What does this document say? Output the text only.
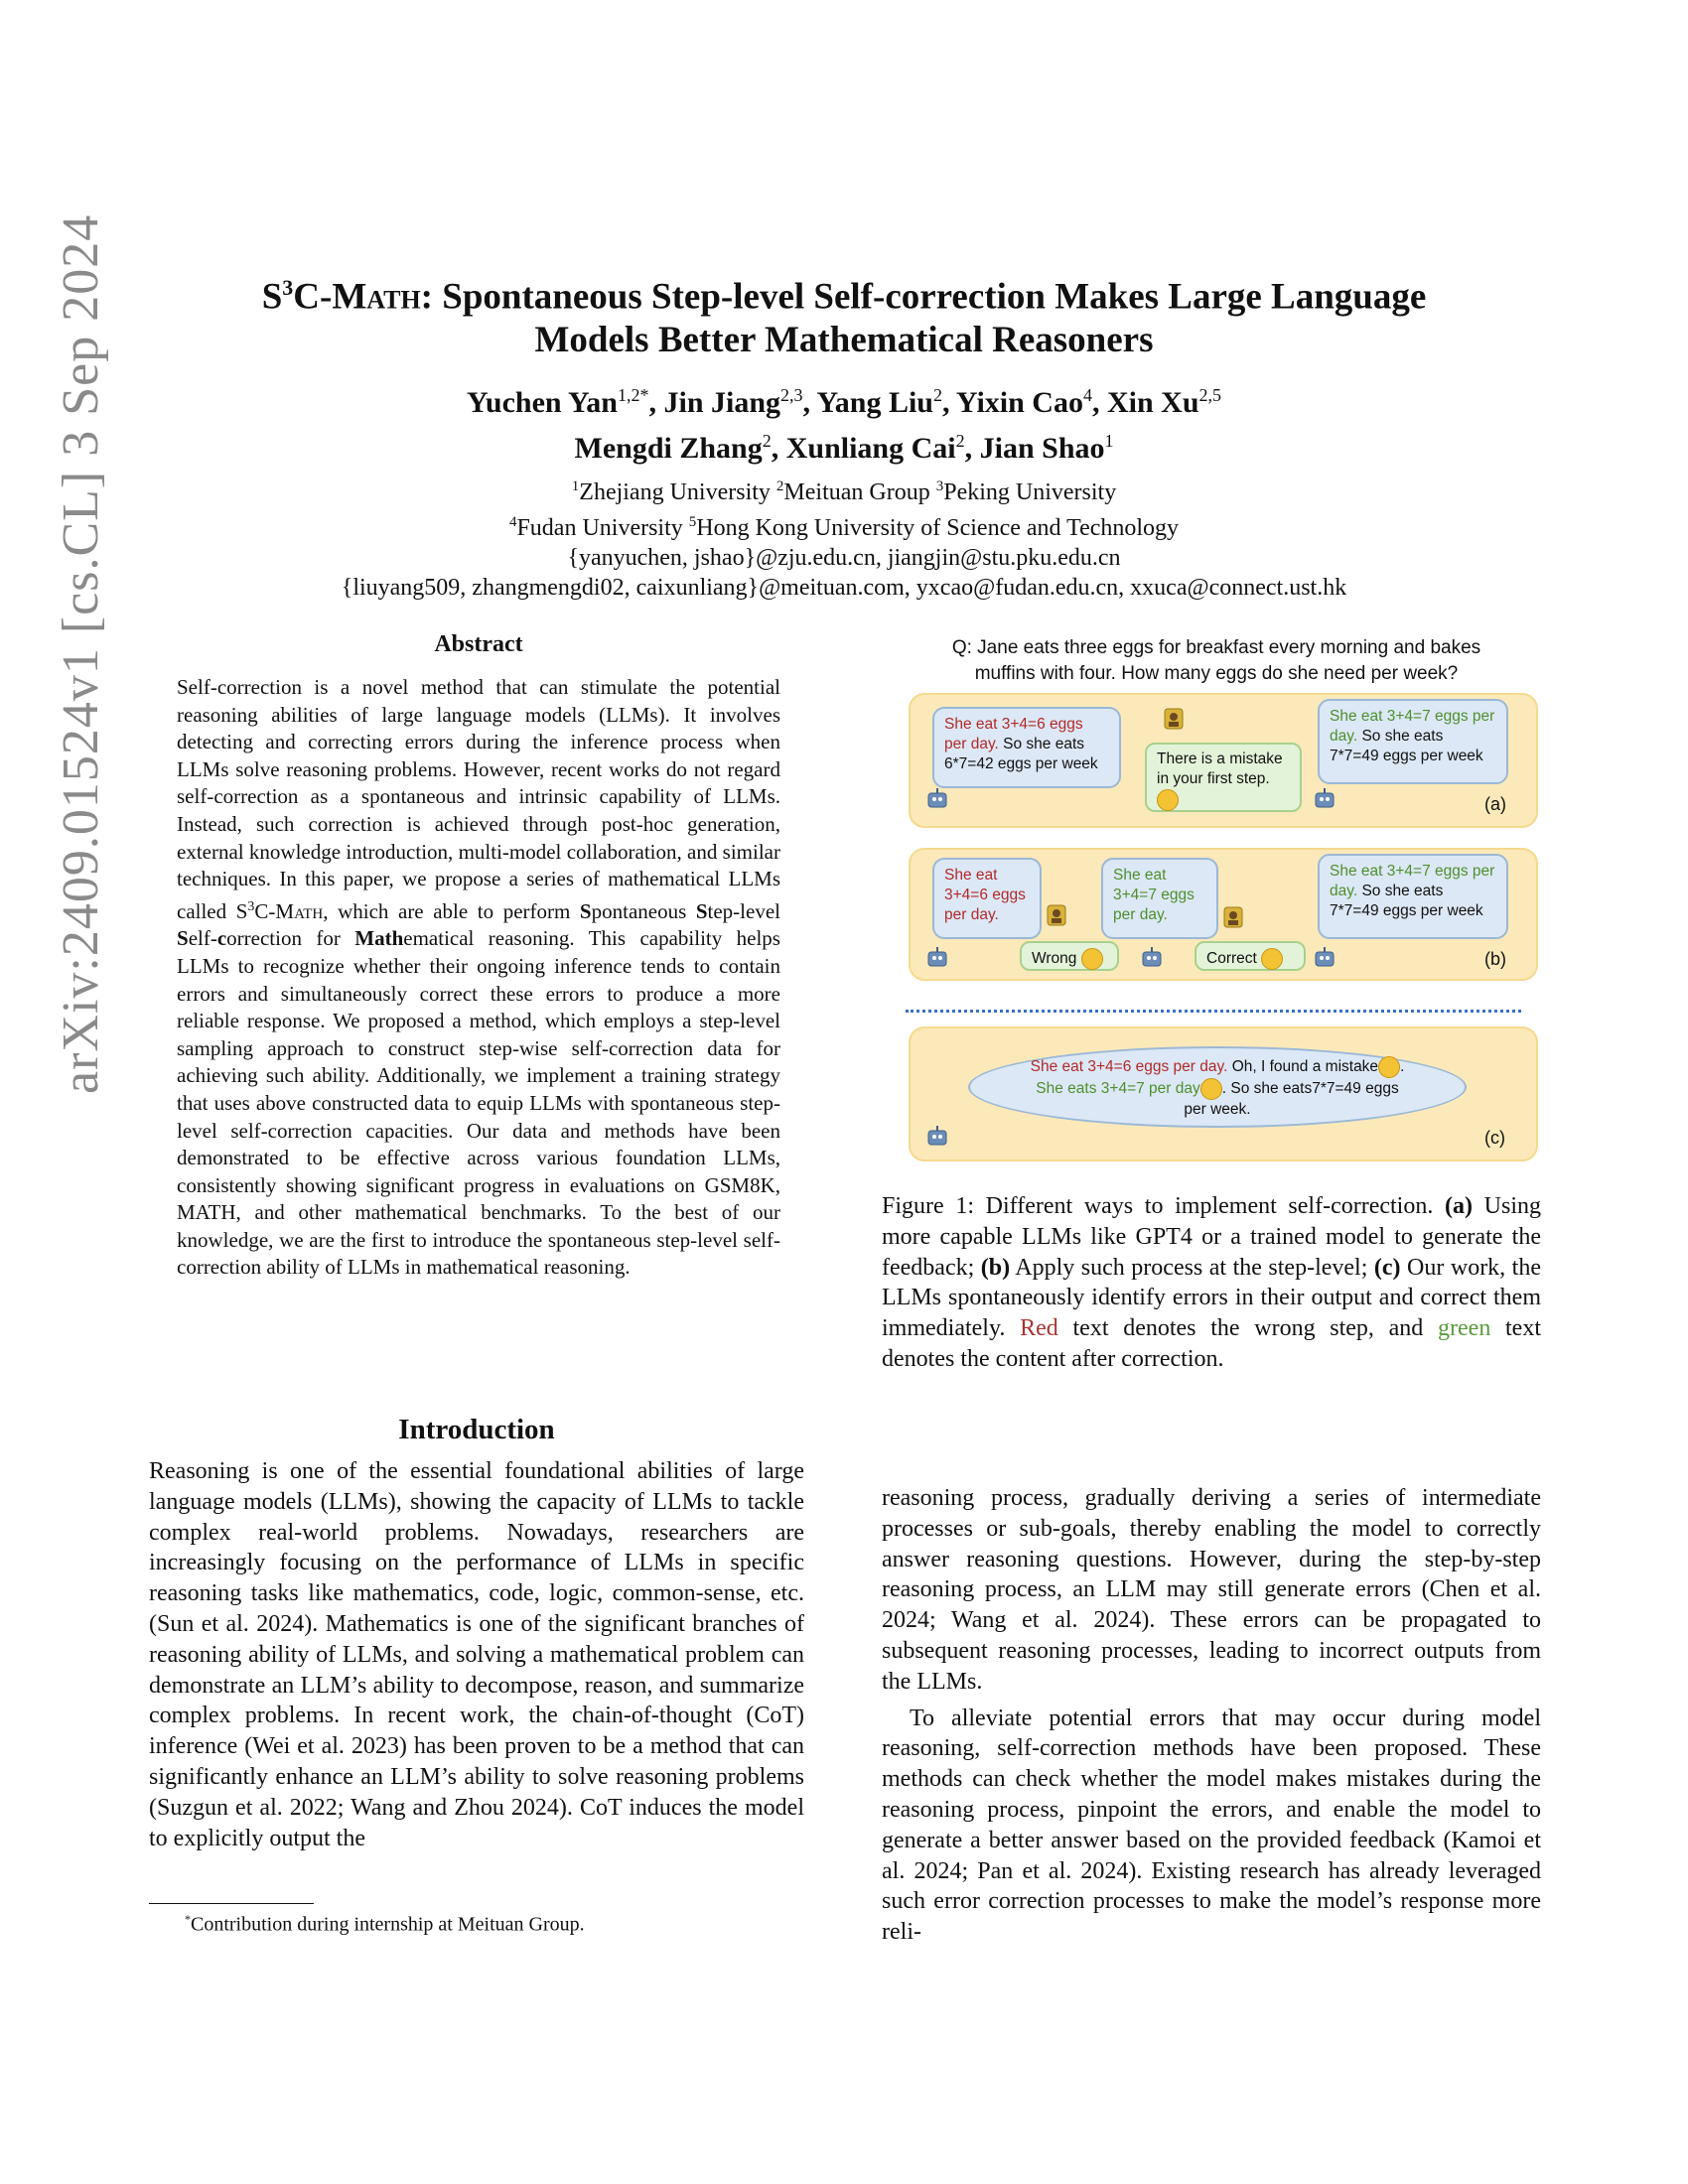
arXiv:2409.01524v1 [cs.CL] 3 Sep 2024	$S^3C$-Math: Spontaneous Step-level Self-correction Makes Large Language
Models Better Mathematical Reasoners
Yuchen Yan$^{1,2*}$, Jin Jiang$^{2,3}$, Yang Liu$^2$, Yixin Cao$^4$, Xin Xu$^{2,5}$
Mengdi Zhang$^2$, Xunliang Cai$^2$, Jian Shao$^1$
$^1$Zhejiang University $^2$Meituan Group $^3$Peking University
$^4$Fudan University $^5$Hong Kong University of Science and Technology
{yanyuchen, jshao}@zju.edu.cn, jiangjin@stu.pku.edu.cn
{liuyang509, zhangmengdi02, caixunliang}@meituan.com, yxcao@fudan.edu.cn, xxuca@connect.ust.hk
Abstract
Self-correction is a novel method that can stimulate the potential reasoning abilities of large language models (LLMs). It involves detecting and correcting errors during the inference process when LLMs solve reasoning problems. However, recent works do not regard self-correction as a spontaneous and intrinsic capability of LLMs. Instead, such correction is achieved through post-hoc generation, external knowledge introduction, multi-model collaboration, and similar techniques. In this paper, we propose a series of mathematical LLMs called $S^3C$-Math, which are able to perform Spontaneous Step-level Self-correction for Mathematical reasoning. This capability helps LLMs to recognize whether their ongoing inference tends to contain errors and simultaneously correct these errors to produce a more reliable response. We proposed a method, which employs a step-level sampling approach to construct step-wise self-correction data for achieving such ability. Additionally, we implement a training strategy that uses above constructed data to equip LLMs with spontaneous step-level self-correction capacities. Our data and methods have been demonstrated to be effective across various foundation LLMs, consistently showing significant progress in evaluations on GSM8K, MATH, and other mathematical benchmarks. To the best of our knowledge, we are the first to introduce the spontaneous step-level self-correction ability of LLMs in mathematical reasoning.
Introduction
Reasoning is one of the essential foundational abilities of large language models (LLMs), showing the capacity of LLMs to tackle complex real-world problems. Nowadays, researchers are increasingly focusing on the performance of LLMs in specific reasoning tasks like mathematics, code, logic, common-sense, etc. (Sun et al. 2024). Mathematics is one of the significant branches of reasoning ability of LLMs, and solving a mathematical problem can demonstrate an LLM’s ability to decompose, reason, and summarize complex problems. In recent work, the chain-of-thought (CoT) inference (Wei et al. 2023) has been proven to be a method that can significantly enhance an LLM’s ability to solve reasoning problems (Suzgun et al. 2022; Wang and Zhou 2024). CoT induces the model to explicitly output the
*Contribution during internship at Meituan Group.
Q: Jane eats three eggs for breakfast every morning and bakes
muffins with four. How many eggs do she need per week?
She eat 3+4=6 eggs per day. So she eats 6*7=42 eggs per week	There is a mistake in your first step.
She eat 3+4=7 eggs per day. So she eats 7*7=49 eggs per week
(a)
She eat 3+4=6 eggs per day.
Wrong
She eat 3+4=7 eggs per day.
Correct
She eat 3+4=7 eggs per day. So she eats 7*7=49 eggs per week
(b)
She eat 3+4=6 eggs per day. Oh, I found a mistake . She eats 3+4=7 per day . So she eats7*7=49 eggs per week.
(c)
Figure 1: Different ways to implement self-correction. (a) Using more capable LLMs like GPT4 or a trained model to generate the feedback; (b) Apply such process at the step-level; (c) Our work, the LLMs spontaneously identify errors in their output and correct them immediately. Red text denotes the wrong step, and green text denotes the content after correction.
reasoning process, gradually deriving a series of intermediate processes or sub-goals, thereby enabling the model to correctly answer reasoning questions. However, during the step-by-step reasoning process, an LLM may still generate errors (Chen et al. 2024; Wang et al. 2024). These errors can be propagated to subsequent reasoning processes, leading to incorrect outputs from the LLMs.
To alleviate potential errors that may occur during model reasoning, self-correction methods have been proposed. These methods can check whether the model makes mistakes during the reasoning process, pinpoint the errors, and enable the model to generate a better answer based on the provided feedback (Kamoi et al. 2024; Pan et al. 2024). Existing research has already leveraged such error correction processes to make the model’s response more reli-
